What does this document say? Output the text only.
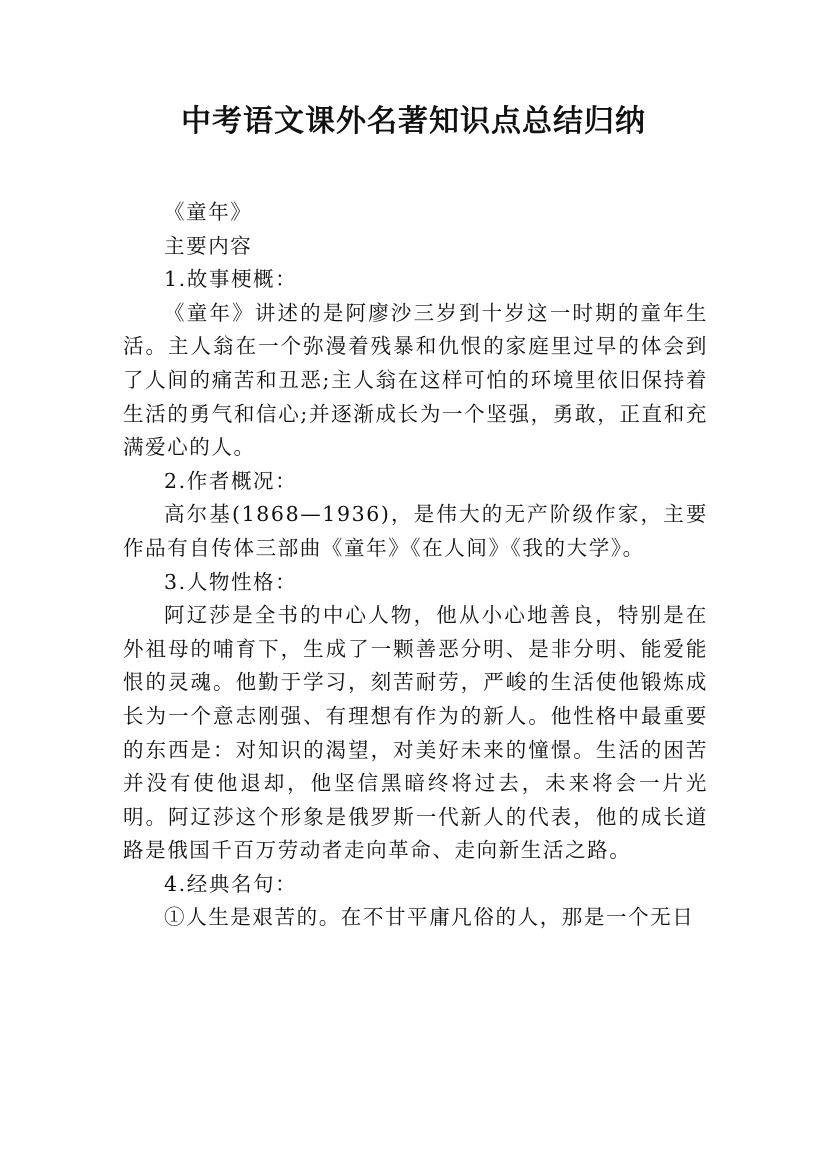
中考语文课外名著知识点总结归纳

《童年》

主要内容

1.故事梗概：

《童年》讲述的是阿廖沙三岁到十岁这一时期的童年生活。主人翁在一个弥漫着残暴和仇恨的家庭里过早的体会到了人间的痛苦和丑恶;主人翁在这样可怕的环境里依旧保持着生活的勇气和信心;并逐渐成长为一个坚强，勇敢，正直和充满爱心的人。

2.作者概况：

高尔基(1868—1936)，是伟大的无产阶级作家，主要作品有自传体三部曲《童年》《在人间》《我的大学》。

3.人物性格：

阿辽莎是全书的中心人物，他从小心地善良，特别是在外祖母的哺育下，生成了一颗善恶分明、是非分明、能爱能恨的灵魂。他勤于学习，刻苦耐劳，严峻的生活使他锻炼成长为一个意志刚强、有理想有作为的新人。他性格中最重要的东西是：对知识的渴望，对美好未来的憧憬。生活的困苦并没有使他退却，他坚信黑暗终将过去，未来将会一片光明。阿辽莎这个形象是俄罗斯一代新人的代表，他的成长道路是俄国千百万劳动者走向革命、走向新生活之路。

4.经典名句：

①人生是艰苦的。在不甘平庸凡俗的人，那是一个无日
